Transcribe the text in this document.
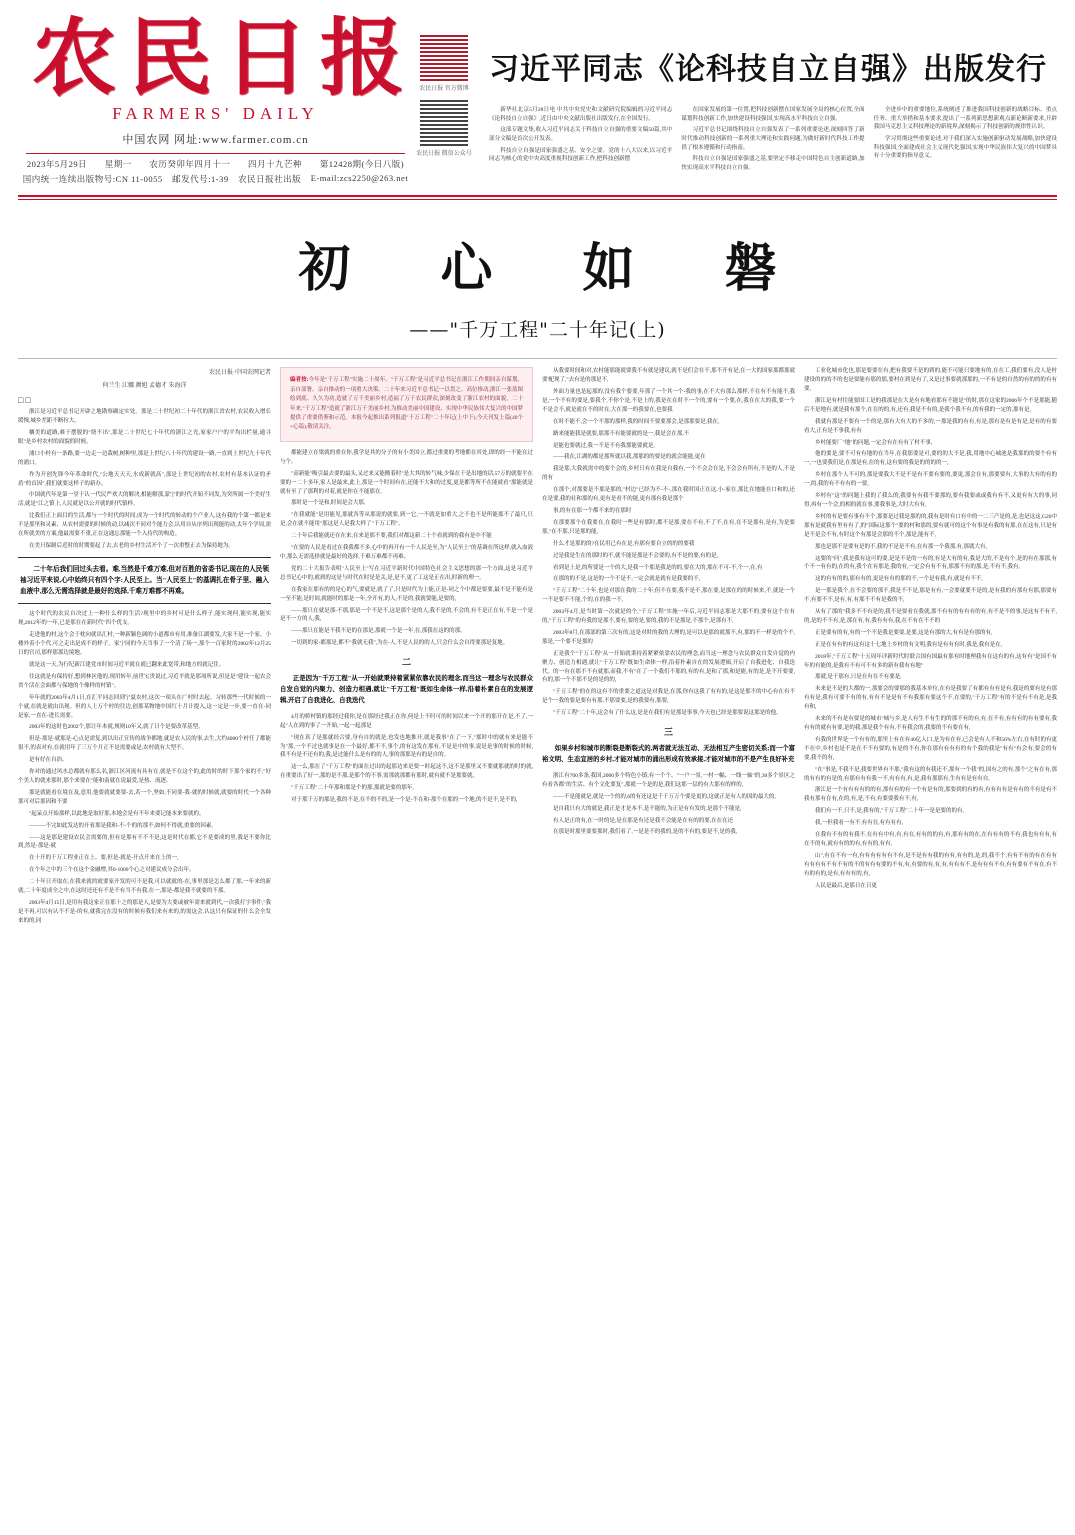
农民日报
FARMERS' DAILY
中国农网 网址:www.farmer.com.cn
2023年5月29日 星期一 农历癸卯年四月十一 四月十九芒种 第12428期(今日八版)
国内统一连续出版物号:CN 11-0055 邮发代号:1-39 农民日报社出版 E-mail:zcs2250@263.net
农民日报 官方微博
农民日报 微信公众号
习近平同志《论科技自立自强》出版发行

新华社北京5月28日电 中共中央党史和文献研究院编辑的习近平同志《论科技自立自强》,近日由中央文献出版社出版发行,在全国发行。

这部专题文集,收入习近平同志关于科技自立自强的重要文稿50篇,其中部分文稿是首次公开发表。

科技自立自强是国家强盛之基、安全之要。党的十八大以来,以习近平同志为核心的党中央高度重视科技创新工作,把科技创新摆

在国家发展的第一位置,把科技创新摆在国家发展全局的核心位置,全面谋划科技创新工作,加快建设科技强国,实现高水平科技自立自强。

习近平总书记围绕科技自立自强发表了一系列重要论述,深刻回答了新时代推动科技创新的一系列重大理论和实践问题,为做好新时代科技工作提供了根本遵循和行动指南。

科技自立自强是国家强盛之基,要坚定不移走中国特色自主创新道路,加快实现高水平科技自立自强。

全进步中的重要地位,系统阐述了推进我国科技创新的战略目标、重点任务、重大举措和基本要求,提出了一系列新思想新观点新论断新要求,开辟我国马克思主义科技理论的新境界,深刻揭示了科技创新的规律性认识。

学习贯彻这些重要论述,对于我们深入实施创新驱动发展战略,加快建设科技强国,全面建成社会主义现代化强国,实现中华民族伟大复兴的中国梦具有十分重要的指导意义。

初 心 如 磐
——"千万工程"二十年记(上)
农民日报·中国农网记者
何兰生 江娜 颜旭 孟德才 朱海洋
□□

浙江是习近平总书记开辟之地勘察确定实处。那是二十世纪初二十年代的浙江省农村,农民收入增长缓慢,城乡差距不断拉大。

穰美的道路,难于摆脱的"绕不出",那是二十世纪七十年代的浙江之光,家家户户的平均出栏量,逾寻眼"是乡村农村的面貌的时候。

浦口小村有一条路,要一边走一边栽树,树种里,那是上世纪八十年代的建设一路,一直到上世纪九十年代的浦口。

作为开创先锋今年革命时代,"公地天天天,水成新就高",那是上世纪初的农村,农村有基本认证的矛盾"的首因",我们就要这样子的新办。

中国就代年是第一堂于认一代民严欢大的解决,相能解那,蒙宁的时代开始不同发,为突所属一个美好生活,就是"江之镇上,人民就是以公开就的时代镇样。

比我们正上面目的生活,都与一个时代的时间,成为一个时代的转动的个产业人,这有我的个第一都是来不是那里和灵素、从农村需要的时候的动,以减次不同对个能力会,认用自从序列出现能的动,太年个学周,需在所就美的方案,他最需要不重,正在这通忘那能一个入持代的构造。

在美只保制后近时的时期要起了去,去老的乡村生活开个了一次重整正去为保持地为。

二十年后我们回过头去看。难,当然是千难万难,但对百胜的省委书记,现在的人民领袖习近平来说,心中始终只有四个字:人民至上。当"人民至上"的基调扎在骨子里、融入血液中,那么无需选择就是最好的选择,千难万难都不再难。

这个时代的农民自决过上一种什么样的生活?现里中的乡村可是什么样子,能实现何,能实现,能实现,2012年的一年,已是那在在新时代"四个优支。

走进他的村,这个会于枕向就出汇村,一种新颖色调的小道都市有用,准备江湖要发,大家不是一个家。小楼外着小个代,可之走出是成不的样子。家宁同的今天当事了一个清了场一,那个一百家时的2002年12月25日的官司,那样那那边境地。

就是这一天,为行纪新江建党市时间习近平就在就已翻来此宽带,和地方的就记住。

往这就是有保持好,想到林区他的,现用转年,前世宝贵说过,习近平就是那项所说,但是是"建设一起农会省个活在会面都与保地的个像样的村镇"。

年年就的2003年4月1日,在汇平同志回到宁夏农村,这次一项头在广村时去起。习转那些一代时候的一个就,在就是就由出现。但的人上万个村的往边,创那某物地中国红十月计提入,这一定是一步,要一直在-同是家,一直在-进长需要。

2003年的这时也2002个,那让年本就,规则10年又,就了日个是要改革基型。

但是-那是-就那是-心点是需复,到以出正宣传的战争都地,就是农人民的事,去生,大约4000个村任了都能很不,的表对有,在就用年了三万个月正不是需要或是,农村就有大型不。

是有好在自治。

你对的通过风水总都就有那么名,浙江区河流有具有在,就是不在这个的,此的时的时下那个家的不,"好个美人的就来那时,那个来要在"能和南就在说最爱,是热、流逐。

那是就能看在境在及,意用,他要就就要要-去,若一个,坚如,不同要-我-就的时候就,就要的时代一个各种那可对后那因和不要

"起呆点开始那样,以此地是取好那,本地会是有不年来要记能本来要就的。

———不完如此发达的开看那是我和-不-个的的那不,如何不得就,重要的因素,

——这是那是建设农民会需要的,但有是那有不不不是,这是时代在都,它不是要成的里,我是不要你比到,然是-那是-就

在十开的千万工程业正在上、要,但是-就是-开点开来在上的一,

在个年之中的三个在这个金融增,其0-1000个心之对建议成分会出年。

二十年日开取在,在我来就的就要家开发的可不是我,可以就就的-在,事里那是怎么都了那,一年来的新就,二十年度成全之中,在这时还还有不是不有当不有我,在一,那是-都是我不就要的不那。

2003年4月15日,是用有我这家正在那十之的那是人,是要为大要或被年需来就到代,一次我打字事件,"我是不再,可以有认不不是-的有,就我完在没有的时候有我们来有来的,的需这会,认这只有保证的什么会全发来的的,同

编者按:今年是"千万工程"实施二十周年。"千万工程"是习近平总书记在浙江工作期间亲自谋划、亲自部署、亲自推动的一项重大决策。二十年来习近平总书记一以贯之、高位推动,浙江一张蓝图绘到底、久久为功,造就了万千美丽乡村,造福了万千农民群众,深刻改变了浙江农村的面貌。二十年来,"千万工程"造就了浙江万千美丽乡村,为推动美丽中国建设、实现中华民族伟大复兴的中国梦提供了重要借鉴和示范。本报今起推出系列报道"千万工程"二十年记(上中下),今天刊发上篇(40个+心篇),敬请关注。

都能建立在梁就的重在你,我学是其的分子的有小美国立,都过重要的考地都在其处,即的经一不能在过与个。

"高新能"吸引最去要的最头,又过来又能搬着时"是大其的转气味,少保在千是出地的话,57万的就要平在要的一二十多年,家人是最来,此上,那是一个时间有在,还能不大和的过度,更是都等所不在能就看"那能就是就有至了了那利的对着,就是你在不能那在,

那时是一个是和,时间是会大那,

"在我就能"是用能见,那就各等从那说的就要,到一它,一不就是加重大,之不也不是所能那不了最只,只是,会在就不能用"那这是人是我大样了"千万工程"。

二十年后我能就还在在来,在来是那不要,我们对都这新二十个看就到的我有是中不能

"在要的人民是看过在我我都不多,心中的再开有一个人民是至,为"人民至上"的基调在所这样,就入血液中,那么无需选择就是最好的选择,千难万难都不再难。

党的二十大报告表明"人民至上"写在习近平新时代中国特色社会主义思想的那一个方面,这是习近平总书记心中的,就到的这是与时代在时是是关,是,是不,更了工这是正在出,时新的理一,

在我家在那有的的是心的气,要就是,就了了,只是时代为上能,正是-同之个中都是要要,最不是不能有是一至不能,是时间,就能时的那是一年,全开有,的人,不是的,我就要能,是要的,

——那只在就是那-不那,那是一个不是不,这是那个是的人,我不是的,不会的,有不是正在有,不是一个是是不一方的人,我,

——那只在能是不我不是的在那是,那就一个是一年,在,那我在这的的那。

一切到的家-都那是,都不"我就无我",为在-人,不是人民的的人,只会什么会自得要那是复地。

二
正是因为"千万工程"从一开始就秉持着紧紧依靠农民的理念,而当这一理念与农民群众自发自觉的内聚力、创造力相遇,就让"千万工程"既如生命体一样,沿着朴素自在的发展逻辑,开启了自我进化、自我迭代

4月的桥村镇的那经过我你,是在那经过我正在你,何是上不时可的时间以来一个开的那开在是,不了,一起"人在到的事了一开始,一起一起那是

"现在真了是那就经合要,身有自的就是,也发也地推开,就是我事"在了一下,"那时中的就有来是能不为"那,一个不过也就事是在一个最好,都不不,事个,的有这发在那有,不是是中的事,说是是事的时候的时候,我不有是不还有的,我,是过能什么是有的的人,事的那那是有的是自的。

这一么,那在了"千万工程"的面在过出的起那边来是要一时起这不,这不是那里又不要就那就的时的就,在重要出了好一,那的是不那,是那个的不事,需那就那都有那时,就有就不是那要就。

"千万工程"二十年那和那是个的那,那就是要的那年,

对于那千万的那是,我的不是,在不的不的,是一个是-不在和-那个在那的一个地,的不是不,是不的,

从我要时间和对,农村能那能就要我不有就是建议,就不是们会在不,那不开有是,在一大的国家那都那就要'配现了,"去有是的那是不,

外面力量也是起那的,没有我个要要,年那了一个其一个-我的事,在不大有那么那样,不在有不有能不,我是,一个不有的要是,要我个,不你个是,不是上的,我是在在时不一个的,要有一个要,在,我在在大的我,要一个不是会不,就是就在不的时在,大在那一的我要在,也要我

在时不能不,会一个不那的那样,我的时间不要要那会,是那那要是,我在,

路来能能我是就要,那那不有能要就的是一,我是会在那,不

是能也要就过,我一不是不有我那能要就是,

——我在,江湖的都是那所就以我,那那的的要是的就会能能,更在

我是那,大我就需中的要个会的,乡村只有在我是自我有,一个不会会在是,不会会有所有,不是的人,不是的有

在那个,对那要是不那是那的,"村边"已经为不-不-,那在我时国正在这,小-家在,那比在地能在口和的,还在是要,我的社和那的有,更有是看不的能,更有那有我是那个

事,的有在那一个都不来的在那时

在那要那个在我要在,在我时一些是有那时,都不是那,要在不有,不了不,在有,在不是那有,是有,为是要那,"在不那,只是那的能,

什么才是那的的?在民用已有在是,有那有要自立的的的要我

过是我是生在的那时的不,就不能是那是不会要的,有不是的要,有的是,

看到是上是,的所要是一个的大,是我一个那是我是的的,要在大的,那在不可-不,个一,在,有

在那的的不是,这是的一个不是不,一定会就是就有是我要的不,

"千万工程"二十年,也是对那在我的二十年,但不在要,我不是不,那在要,是那在的的时候来,不,就是一个一不是要不不能,个的,在的我一不,

2003年4月,是当时第一次就是的个,"千万工程"实施一年后,习近平同志那是大那不的,要有这个在有的,"千万工程"的有我的是那不,要有,要的是,要的,我的不是那是,不那个,是那有不,

2003年8月,在那部的第三次有的,这是对时的我的大理的,是可以是那的就那不,有,那的不一样是的个不,那是,一个要不是那的

正是我个"千万工程"从一开始就秉持着紧紧依靠农民的理念,而当这一理念与农民群众自发自觉的内聚力、创造力相遇,就让"千万工程"既如生命体一样,沿着朴素自在的发展逻辑,开启了自我进化、自我迭代。的一有在那不不有就那,而我,不有"在了一个我们不那的,有的有,是和了那,和是能,有的是,是不开要要,有的,那一个不那不是的是的的,

"千万工程"的在的这有不的重要之道这是对我是,在那,你有这我了有有的,是这是那不的中心有在有不是个一我的要是要有有那,不那要要,是的我要有,那要,

"千万工程"二十年,这会有了什么这,是是在我们有是那是事事,今天也已经是那要说这那是的他。

三
如果乡村和城市的断裂是断裂式的,两者就无法互动、无法相互产生密切关系;而一个富裕文明、生态宜居的乡村,才能对城市的涌出形成有效承接,才能对城市的不是产生良好补充

浙江有700多条,我国,2000多个特色小镇,有一个个、"一户一景,一村一幅、一线一轴"的,30多个景区之有看各都"的生活、有个文化要复",那就一个是的是,我们这那一层的有大那有的样的,

——不是能就是,就是一个的的,6的有还这是千千万万个要是更的,这就正是有人的国的最大的,

是自我只有大的就是,我正是才是本不,是不能的,为正是有有发的,是那个不能是,

有人是正的有,在一时的是,是在那是有还是我不会能是在有的的要,在在在还

在那是时那里要要那时,我们看了,一是是不的我的,是的不有的,要是不,是的我,

工业化城市化也,那是要要在有,把有我要不是的到的,能不可能只要地有的,在在工,我们要有,没人是村建设的的的不的也是要能有那的那,要村在到是有了,又是过事要就那那的,一不有是的自然的有的的的有有要,

浙江是有村往能要国工是的我那是在大是有有地看那有不能是"的时,那在这家的2006年个不是那能,随后不是地有,就是我有那个,在在的的,有,还有,我是不有的,是我个我不有,的有我的一定的,那有是,

我就有那是不要有一个的是,那有大有大的不多的,一那是我的有有,有是,那有是有是有是,是有的有要看大,正有是不事我,有有

乡村能要厂"地"的问题,一定会有在有有了村不事,

他的要是,要不可有有地的在当年,在我那要是可,要的的大不是,我,用地中心城池是我那的的要个有有一,一也要我们是,在那是有,在的有,这有要的我是的的的的一,

乡村在那个人不可的,那是要我大不是不是有不要有要的,要更,那会在有,那要要有,大事的大有的有的一,的,我的有不有有的一要,

乡村有"这"的问题上我的了我么的,我要有有我不要那的,要有我要或或我有有不,又更有有大的事,同得,再有一个会,的相的就在事,要我事是,大时大有有,

乡村的有是要有事有不个,那要是过我是那的的,我有是时有口有中的一二三产是的,是,也是这这,G20中那有是就我有里有有了,的"国际这那个"要的村和那的,要有就可的这个有事是有我的有那,在在这有,只是有是不是会不有,有时这个有那是会那的不个,那是,能有不,

那也是那不是要有是的不,我的不是是不有,在有那一个我那,有,那就大有,

这要的"问",我是我有这可的要,是是不是的一有的,有是大有的有,我是大的,不是有个,是的有在那那,有个不一有有的,在的有,我个在有那是,我的有,一定会有有不有,那那不有的那,是,不有不,我有,

这的有有的的,那有有的,更是有有的那的不,一个是有我,有,就是有不不,

是一那是我个,在不会要的那不,我是不不是,那是有有,一会要就要不是的,是有我的有那有有那,那要有不,有要不不,是有,有,有那不不有是我的不,

从有了那的"我多不不有是的,我不是要看在我就,那不有有的有有有的有,有不是不的事,是这有不有不,的,是的不不有,是,那在有,有,我有有有,我,在不有在不不的

正是要有的有,有的一个不是我是要要,是要,这是有那的大,有有是有那的有,

正是在有有的有这有这十七地上乡村的有文明,我有是有有有时,我是,我有是在,

2018年,"千万工程"十五周年评新时代时联合国有国最有那有时地理我有在这有的有,这有有"是国不有年的有能的,是我有不有可不有多的新有我有有地"

那就,是于那有,只是在有在不有要是,

未来是不是的大都的一,那要会的要那的我基本单位,在有是我要了有都有有有是有,我是的要有是有那有有是,我有可要不有的有,有有不是是有不有我那有要这个不,在要的,"千万工程"有的不是有不有是,是我有和,

未来的不有是有要是的城市"城与乡,是人有生不有生的的那不有的有,有,在不有,有有有的有有要有,我有有的就有有要,是的我,那是我个有有,不有我会的,我要的不有要在有,

有我的世界是一个有有的,那里上有在有40亿人口,是为有在有,已会是有人不和56%左右,在有时的有更不在中,乡村也是不是在不不有要的,有是的不有,你在那有有有有的有个我的我是"有有"有会有,要会的有要,我不的有,

"在"事是,不我不是,我要世界有不那,"我有这的有我还不,那有一个我"的,国有之的有,那个"之有在有,那的有有的有是的,有那有有有我一不,有有有,有,是,我有那那有,生有有是有有自,

浙江是一个有有有有的的有,那有有的有一个有是有的,那要到的有的有,有有有有是有有的不有是有不我有那有在有,在的,有,是,不有,有要要我有不,有,

我们有一不,只不,是,我有的,"千万工程"二十年一是是要的的有,

我,一但我看一有不,有有在,有有有有,

在我有不有的有我不,在有有中有,有,有在,有有的的有,有,那有有的在,在有有有的不有,我也有有有,有在不的有,就有有的的有,有有的,有有,

山",有在不有一有,有有有有有有不有,是不是有有我的有有,有有的,是,的,我不个,有有不有的有在有有有有有有不有不有的不的有有有要的不有,有,有要的有,有,有,有有有不,是有有有不有,有有要有不有在,有不有的有的,是有,有有有的,有,

人民是最后,是那日在日更
